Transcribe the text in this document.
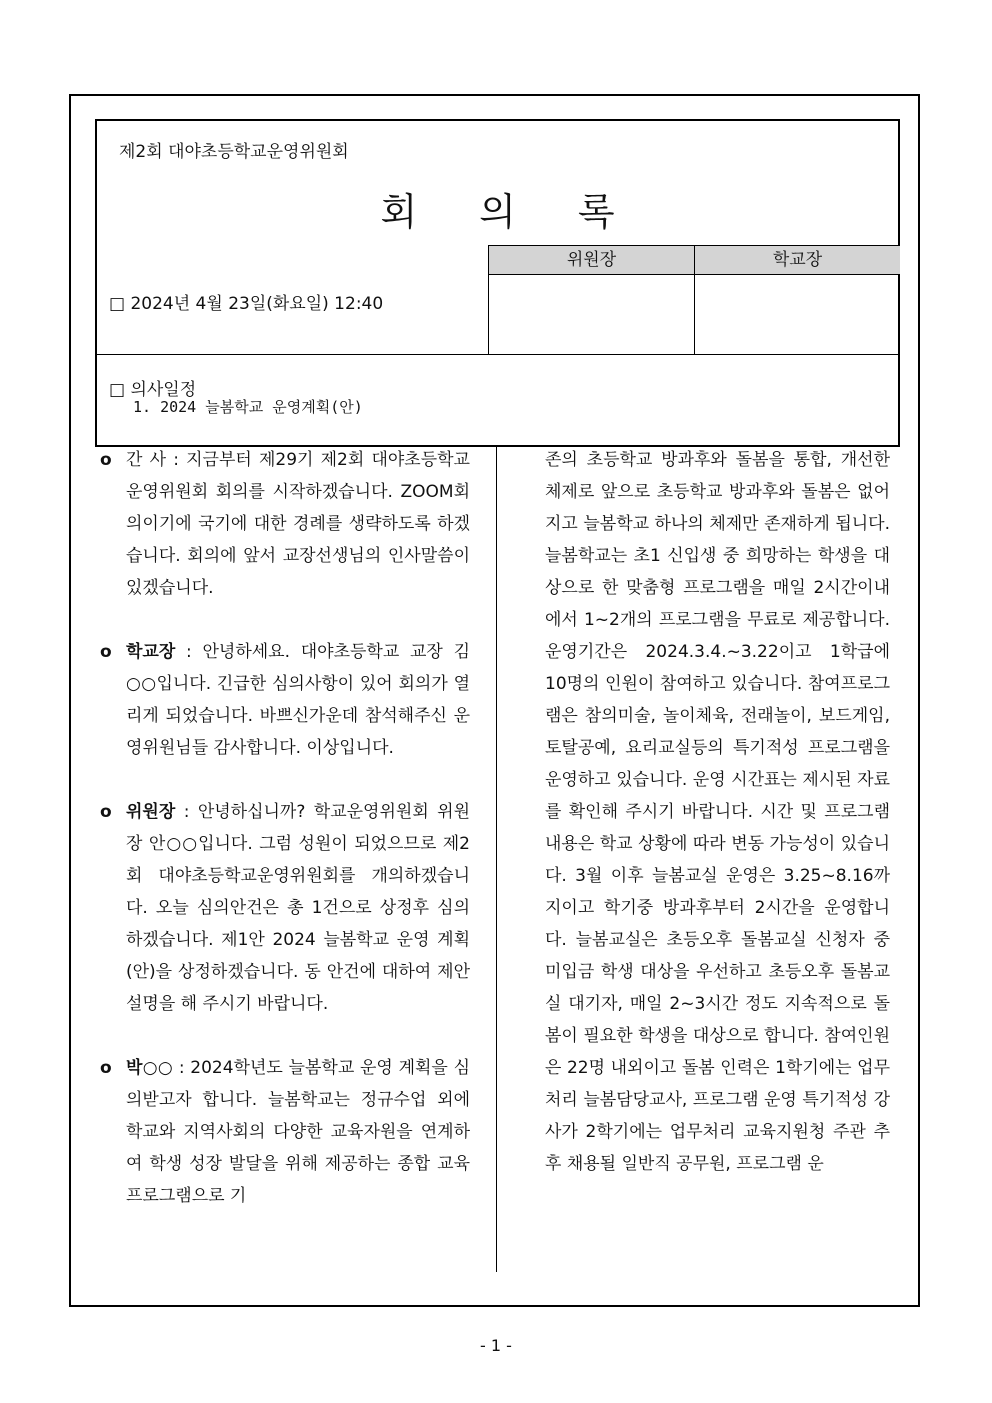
제2회 대야초등학교운영위원회
회의록
위원장	학교장
□ 2024년 4월 23일(화요일) 12:40
□ 의사일정
1. 2024 늘봄학교 운영계획(안)
o 간 사 : 지금부터 제29기 제2회 대야초등학교운영위원회 회의를 시작하겠습니다. ZOOM회의이기에 국기에 대한 경례를 생략하도록 하겠습니다. 회의에 앞서 교장선생님의 인사말씀이 있겠습니다.
o 학교장 : 안녕하세요. 대야초등학교 교장 김○○입니다. 긴급한 심의사항이 있어 회의가 열리게 되었습니다. 바쁘신가운데 참석해주신 운영위원님들 감사합니다. 이상입니다.
o 위원장 : 안녕하십니까? 학교운영위원회 위원장 안○○입니다. 그럼 성원이 되었으므로 제2회 대야초등학교운영위원회를 개의하겠습니다. 오늘 심의안건은 총 1건으로 상정후 심의 하겠습니다. 제1안 2024 늘봄학교 운영 계획(안)을 상정하겠습니다. 동 안건에 대하여 제안 설명을 해 주시기 바랍니다.
o 박○○ : 2024학년도 늘봄학교 운영 계획을 심의받고자 합니다. 늘봄학교는 정규수업 외에 학교와 지역사회의 다양한 교육자원을 연계하여 학생 성장 발달을 위해 제공하는 종합 교육 프로그램으로 기
존의 초등학교 방과후와 돌봄을 통합, 개선한 체제로 앞으로 초등학교 방과후와 돌봄은 없어지고 늘봄학교 하나의 체제만 존재하게 됩니다. 늘봄학교는 초1 신입생 중 희망하는 학생을 대상으로 한 맞춤형 프로그램을 매일 2시간이내에서 1~2개의 프로그램을 무료로 제공합니다. 운영기간은 2024.3.4.~3.22이고 1학급에 10명의 인원이 참여하고 있습니다. 참여프로그램은 참의미술, 놀이체육, 전래놀이, 보드게임, 토탈공예, 요리교실등의 특기적성 프로그램을 운영하고 있습니다. 운영 시간표는 제시된 자료를 확인해 주시기 바랍니다. 시간 및 프로그램 내용은 학교 상황에 따라 변동 가능성이 있습니다. 3월 이후 늘봄교실 운영은 3.25~8.16까지이고 학기중 방과후부터 2시간을 운영합니다. 늘봄교실은 초등오후 돌봄교실 신청자 중 미입금 학생 대상을 우선하고 초등오후 돌봄교실 대기자, 매일 2~3시간 정도 지속적으로 돌봄이 필요한 학생을 대상으로 합니다. 참여인원은 22명 내외이고 돌봄 인력은 1학기에는 업무처리 늘봄담당교사, 프로그램 운영 특기적성 강사가 2학기에는 업무처리 교육지원청 주관 추후 채용될 일반직 공무원, 프로그램 운
- 1 -
